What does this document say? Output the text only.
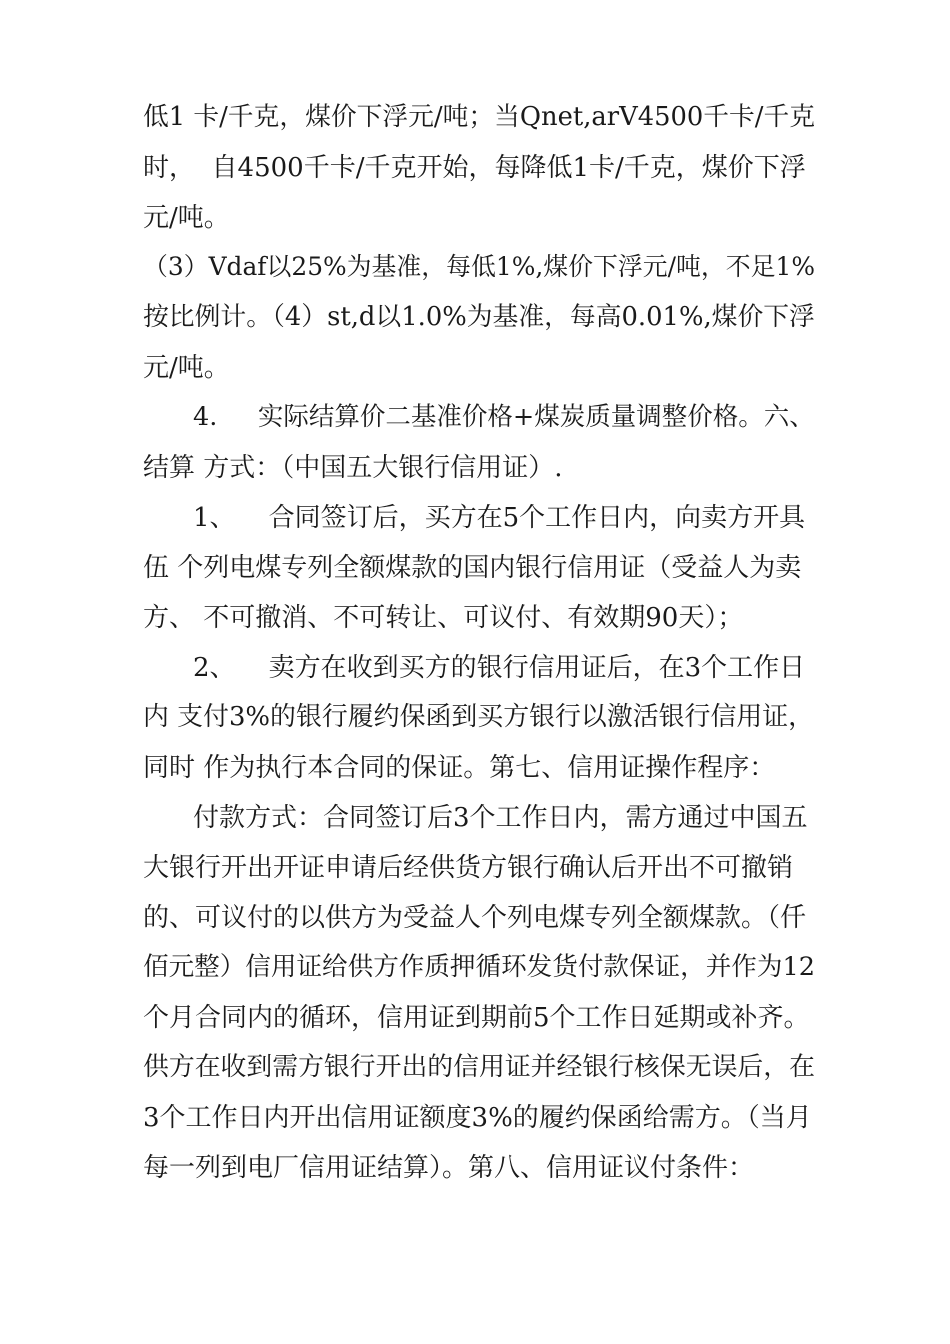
低1 卡/千克，煤价下浮元/吨；当Qnet,arV4500千卡/千克
时，  自4500千卡/千克开始，每降低1卡/千克，煤价下浮
元/吨。
（3）Vdaf以25%为基准，每低1%,煤价下浮元/吨，不足1%
按比例计。（4）st,d以1.0%为基准，每高0.01%,煤价下浮
元/吨。
4.     实际结算价二基准价格+煤炭质量调整价格。六、
结算 方式：（中国五大银行信用证）.
1、    合同签订后，买方在5个工作日内，向卖方开具
伍 个列电煤专列全额煤款的国内银行信用证（受益人为卖
方、 不可撤消、不可转让、可议付、有效期90天）；
2、    卖方在收到买方的银行信用证后，在3个工作日
内 支付3%的银行履约保函到买方银行以激活银行信用证，
同时 作为执行本合同的保证。第七、信用证操作程序：
付款方式：合同签订后3个工作日内，需方通过中国五
大银行开出开证申请后经供货方银行确认后开出不可撤销
的、可议付的以供方为受益人个列电煤专列全额煤款。（仟
佰元整）信用证给供方作质押循环发货付款保证，并作为12
个月合同内的循环，信用证到期前5个工作日延期或补齐。
供方在收到需方银行开出的信用证并经银行核保无误后，在
3个工作日内开出信用证额度3%的履约保函给需方。（当月
每一列到电厂信用证结算）。第八、信用证议付条件：
